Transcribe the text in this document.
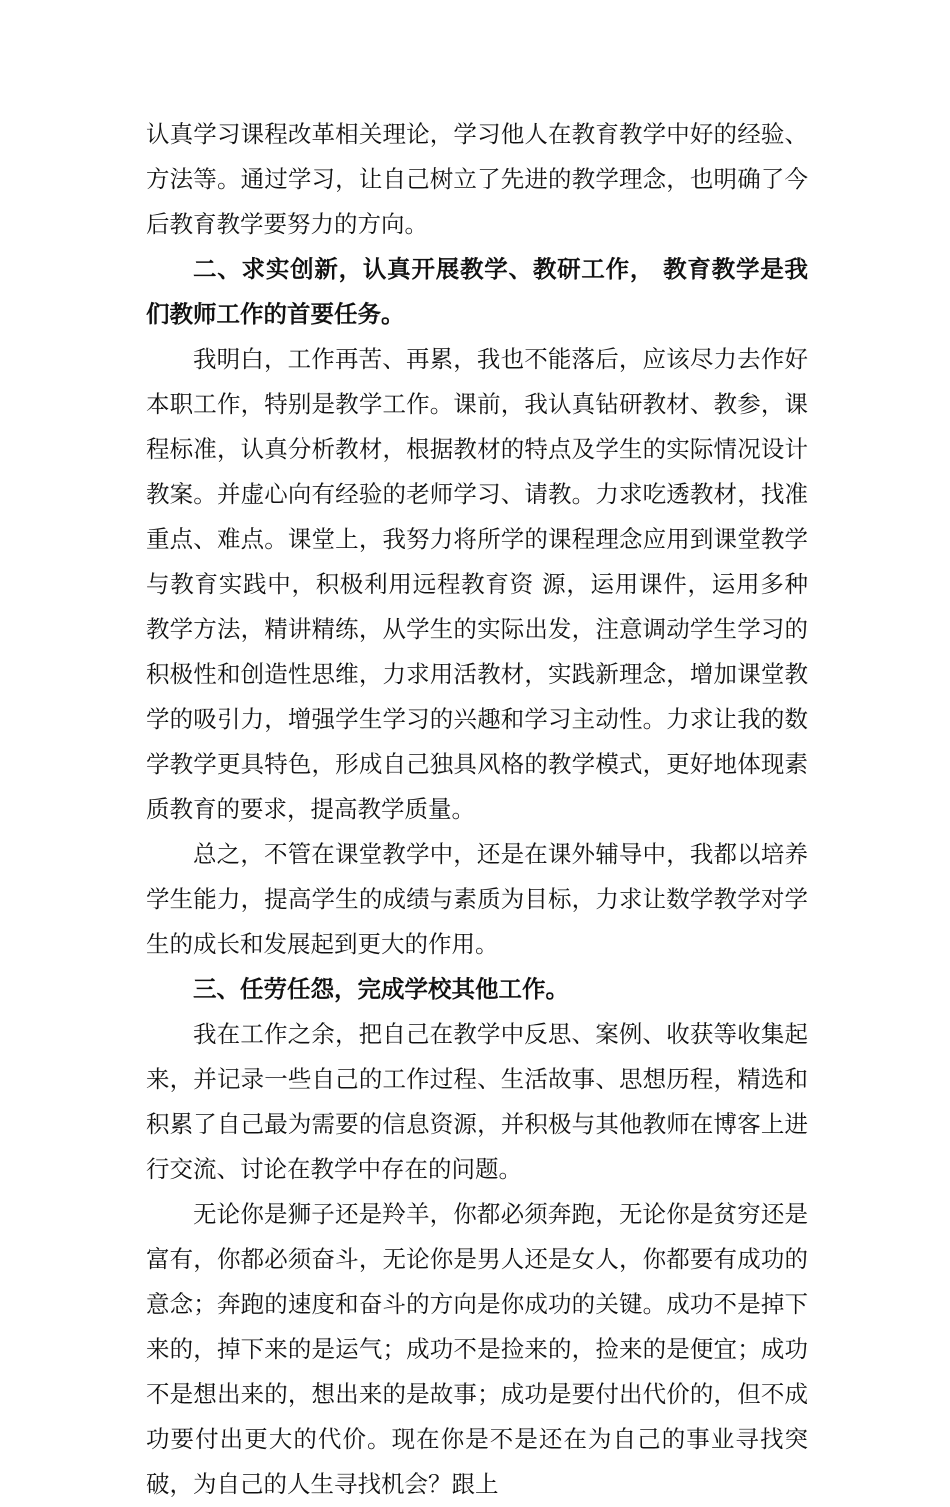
认真学习课程改革相关理论，学习他人在教育教学中好的经验、方法等。通过学习，让自己树立了先进的教学理念，也明确了今后教育教学要努力的方向。

二、求实创新，认真开展教学、教研工作， 教育教学是我们教师工作的首要任务。

我明白，工作再苦、再累，我也不能落后，应该尽力去作好本职工作，特别是教学工作。课前，我认真钻研教材、教参，课程标准，认真分析教材，根据教材的特点及学生的实际情况设计教案。并虚心向有经验的老师学习、请教。力求吃透教材，找准重点、难点。课堂上，我努力将所学的课程理念应用到课堂教学与教育实践中，积极利用远程教育资 源，运用课件，运用多种教学方法，精讲精练，从学生的实际出发，注意调动学生学习的积极性和创造性思维，力求用活教材，实践新理念，增加课堂教学的吸引力，增强学生学习的兴趣和学习主动性。力求让我的数学教学更具特色，形成自己独具风格的教学模式，更好地体现素质教育的要求，提高教学质量。

总之，不管在课堂教学中，还是在课外辅导中，我都以培养学生能力，提高学生的成绩与素质为目标，力求让数学教学对学生的成长和发展起到更大的作用。

三、任劳任怨，完成学校其他工作。

我在工作之余，把自己在教学中反思、案例、收获等收集起来，并记录一些自己的工作过程、生活故事、思想历程，精选和积累了自己最为需要的信息资源，并积极与其他教师在博客上进行交流、讨论在教学中存在的问题。

无论你是狮子还是羚羊，你都必须奔跑，无论你是贫穷还是富有，你都必须奋斗，无论你是男人还是女人，你都要有成功的意念；奔跑的速度和奋斗的方向是你成功的关键。成功不是掉下来的，掉下来的是运气；成功不是捡来的，捡来的是便宜；成功不是想出来的，想出来的是故事；成功是要付出代价的，但不成功要付出更大的代价。现在你是不是还在为自己的事业寻找突破，为自己的人生寻找机会？跟上
